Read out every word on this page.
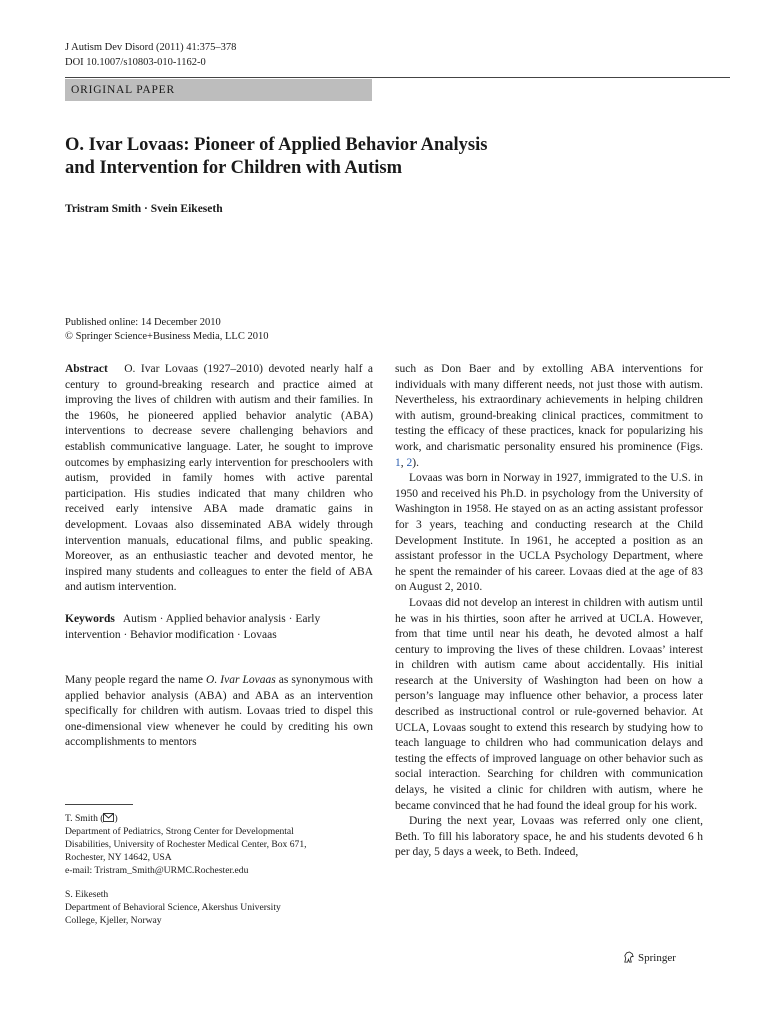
J Autism Dev Disord (2011) 41:375–378
DOI 10.1007/s10803-010-1162-0
ORIGINAL PAPER
O. Ivar Lovaas: Pioneer of Applied Behavior Analysis
and Intervention for Children with Autism
Tristram Smith · Svein Eikeseth
Published online: 14 December 2010
© Springer Science+Business Media, LLC 2010

Abstract O. Ivar Lovaas (1927–2010) devoted nearly half a century to ground-breaking research and practice aimed at improving the lives of children with autism and their families. In the 1960s, he pioneered applied behavior analytic (ABA) interventions to decrease severe challenging behaviors and establish communicative language. Later, he sought to improve outcomes by emphasizing early intervention for preschoolers with autism, provided in family homes with active parental participation. His studies indicated that many children who received early intensive ABA made dramatic gains in development. Lovaas also disseminated ABA widely through intervention manuals, educational films, and public speaking. Moreover, as an enthusiastic teacher and devoted mentor, he inspired many students and colleagues to enter the field of ABA and autism intervention.

Keywords Autism · Applied behavior analysis · Early intervention · Behavior modification · Lovaas

Many people regard the name O. Ivar Lovaas as synonymous with applied behavior analysis (ABA) and ABA as an intervention specifically for children with autism. Lovaas tried to dispel this one-dimensional view whenever he could by crediting his own accomplishments to mentors

such as Don Baer and by extolling ABA interventions for individuals with many different needs, not just those with autism. Nevertheless, his extraordinary achievements in helping children with autism, ground-breaking clinical practices, commitment to testing the efficacy of these practices, knack for popularizing his work, and charismatic personality ensured his prominence (Figs. 1, 2).

Lovaas was born in Norway in 1927, immigrated to the U.S. in 1950 and received his Ph.D. in psychology from the University of Washington in 1958. He stayed on as an acting assistant professor for 3 years, teaching and conducting research at the Child Development Institute. In 1961, he accepted a position as an assistant professor in the UCLA Psychology Department, where he spent the remainder of his career. Lovaas died at the age of 83 on August 2, 2010.

Lovaas did not develop an interest in children with autism until he was in his thirties, soon after he arrived at UCLA. However, from that time until near his death, he devoted almost a half century to improving the lives of these children. Lovaas’ interest in children with autism came about accidentally. His initial research at the University of Washington had been on how a person’s language may influence other behavior, a process later described as instructional control or rule-governed behavior. At UCLA, Lovaas sought to extend this research by studying how to teach language to children who had communication delays and testing the effects of improved language on other behavior such as social interaction. Searching for children with communication delays, he visited a clinic for children with autism, where he became convinced that he had found the ideal group for his work.

During the next year, Lovaas was referred only one client, Beth. To fill his laboratory space, he and his students devoted 6 h per day, 5 days a week, to Beth. Indeed,

T. Smith ( )
Department of Pediatrics, Strong Center for Developmental
Disabilities, University of Rochester Medical Center, Box 671,
Rochester, NY 14642, USA
e-mail: Tristram_Smith@URMC.Rochester.edu
S. Eikeseth
Department of Behavioral Science, Akershus University
College, Kjeller, Norway
Springer
